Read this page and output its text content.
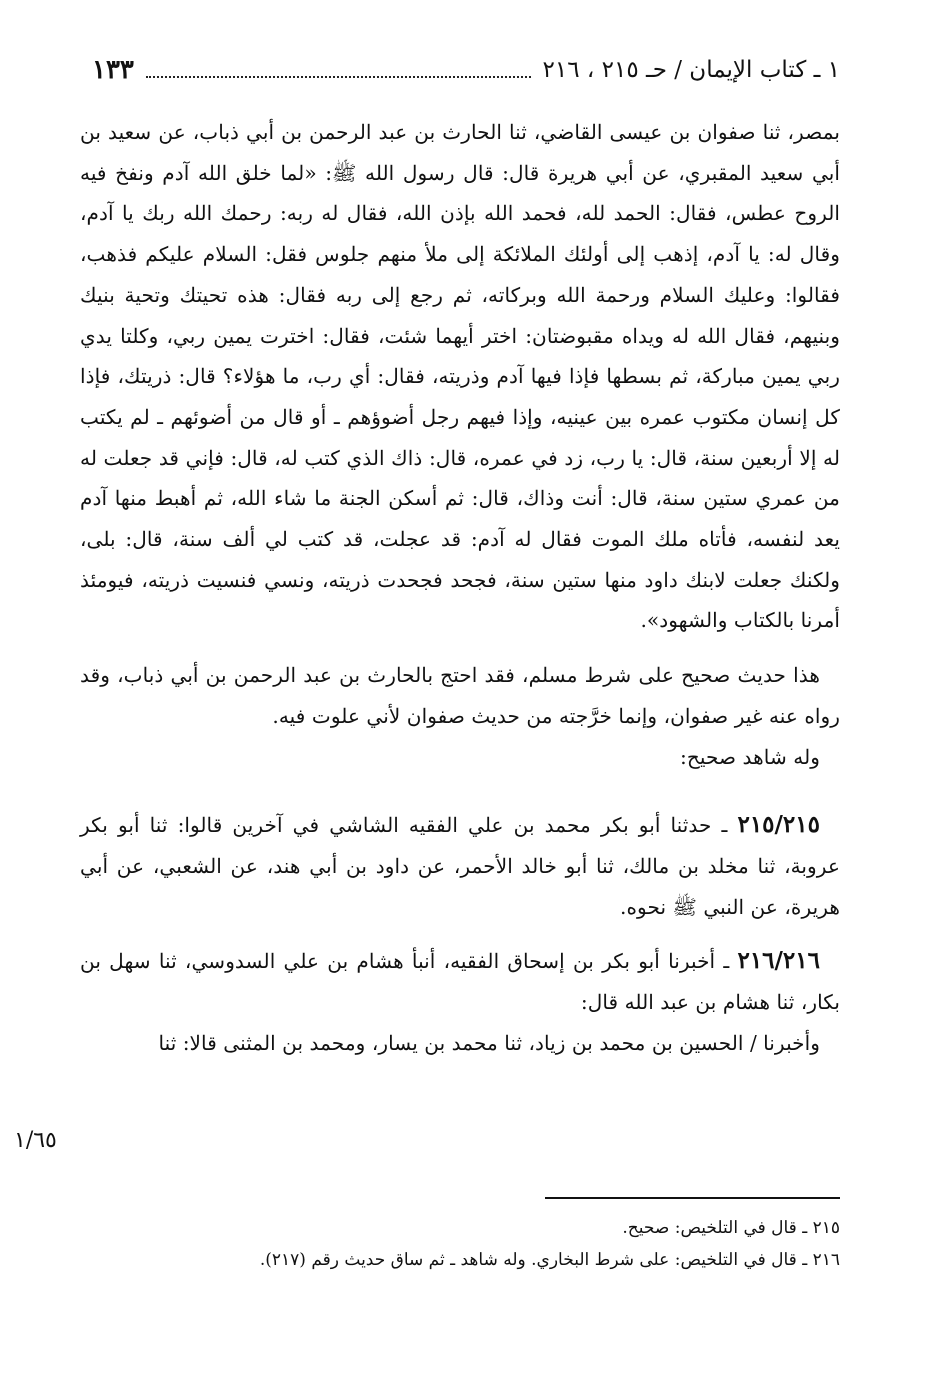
١ ـ كتاب الإيمان / حـ ٢١٥ ، ٢١٦
١٣٣

بمصر، ثنا صفوان بن عيسى القاضي، ثنا الحارث بن عبد الرحمن بن أبي ذباب، عن سعيد بن أبي سعيد المقبري، عن أبي هريرة قال: قال رسول الله ﷺ: «لما خلق الله آدم ونفخ فيه الروح عطس، فقال: الحمد لله، فحمد الله بإذن الله، فقال له ربه: رحمك الله ربك يا آدم، وقال له: يا آدم، إذهب إلى أولئك الملائكة إلى ملأ منهم جلوس فقل: السلام عليكم فذهب، فقالوا: وعليك السلام ورحمة الله وبركاته، ثم رجع إلى ربه فقال: هذه تحيتك وتحية بنيك وبنيهم، فقال الله له ويداه مقبوضتان: اختر أيهما شئت، فقال: اخترت يمين ربي، وكلتا يدي ربي يمين مباركة، ثم بسطها فإذا فيها آدم وذريته، فقال: أي رب، ما هؤلاء؟ قال: ذريتك، فإذا كل إنسان مكتوب عمره بين عينيه، وإذا فيهم رجل أضوؤهم ـ أو قال من أضوئهم ـ لم يكتب له إلا أربعين سنة، قال: يا رب، زد في عمره، قال: ذاك الذي كتب له، قال: فإني قد جعلت له من عمري ستين سنة، قال: أنت وذاك، قال: ثم أسكن الجنة ما شاء الله، ثم أهبط منها آدم يعد لنفسه، فأتاه ملك الموت فقال له آدم: قد عجلت، قد كتب لي ألف سنة، قال: بلى، ولكنك جعلت لابنك داود منها ستين سنة، فجحد فجحدت ذريته، ونسي فنسيت ذريته، فيومئذ أمرنا بالكتاب والشهود».

هذا حديث صحيح على شرط مسلم، فقد احتج بالحارث بن عبد الرحمن بن أبي ذباب، وقد رواه عنه غير صفوان، وإنما خرَّجته من حديث صفوان لأني علوت فيه.

وله شاهد صحيح:

٢١٥/٢١٥ ـ حدثنا أبو بكر محمد بن علي الفقيه الشاشي في آخرين قالوا: ثنا أبو بكر عروبة، ثنا مخلد بن مالك، ثنا أبو خالد الأحمر، عن داود بن أبي هند، عن الشعبي، عن أبي هريرة، عن النبي ﷺ نحوه.

٢١٦/٢١٦ ـ أخبرنا أبو بكر بن إسحاق الفقيه، أنبأ هشام بن علي السدوسي، ثنا سهل بن بكار، ثنا هشام بن عبد الله قال:

وأخبرنا / الحسين بن محمد بن زياد، ثنا محمد بن يسار، ومحمد بن المثنى قالا: ثنا

١/٦٥

٢١٥ ـ قال في التلخيص: صحيح.

٢١٦ ـ قال في التلخيص: على شرط البخاري. وله شاهد ـ ثم ساق حديث رقم (٢١٧).
